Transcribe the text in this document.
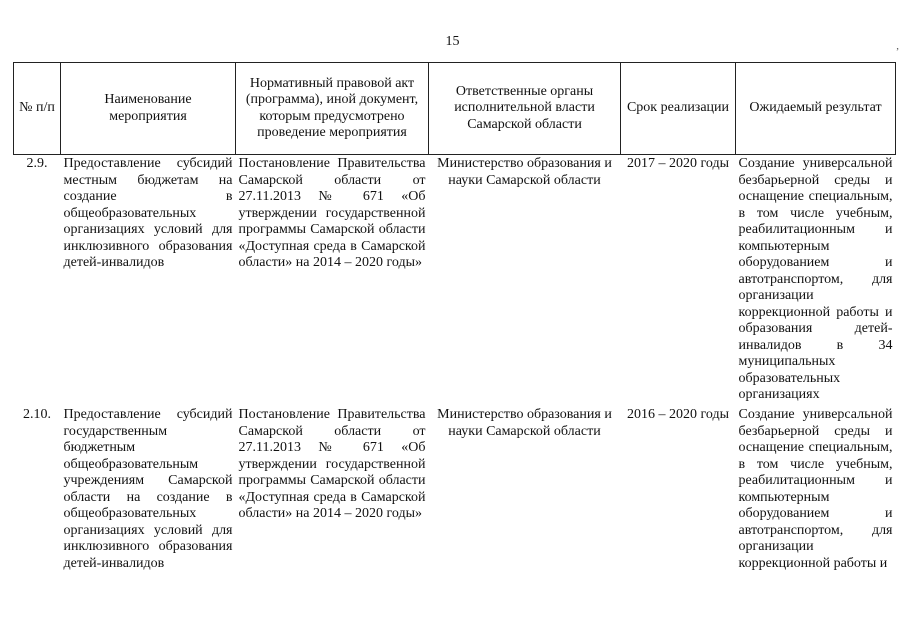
15	,
№ п/п	Наименование мероприятия	Нормативный правовой акт (программа), иной документ, которым предусмотрено проведение мероприятия	Ответственные органы исполнительной власти Самарской области	Срок реализации	Ожидаемый результат
2.9.	Предоставление субсидий местным бюджетам на создание в общеобразовательных организациях условий для инклюзивного образования детей-инвалидов	Постановление Правительства Самарской области от 27.11.2013 № 671 «Об утверждении государственной программы Самарской области «Доступная среда в Самарской области» на 2014 – 2020 годы»	Министерство образования и науки Самарской области	2017 – 2020 годы	Создание универсальной безбарьерной среды и оснащение специальным, в том числе учебным, реабилитационным и компьютерным оборудованием и автотранспортом, для организации коррекционной работы и образования детей-инвалидов в 34 муниципальных образовательных организациях
2.10.	Предоставление субсидий государственным бюджетным общеобразовательным учреждениям Самарской области на создание в общеобразовательных организациях условий для инклюзивного образования детей-инвалидов	Постановление Правительства Самарской области от 27.11.2013 № 671 «Об утверждении государственной программы Самарской области «Доступная среда в Самарской области» на 2014 – 2020 годы»	Министерство образования и науки Самарской области	2016 – 2020 годы	Создание универсальной безбарьерной среды и оснащение специальным, в том числе учебным, реабилитационным и компьютерным оборудованием и автотранспортом, для организации коррекционной работы и
